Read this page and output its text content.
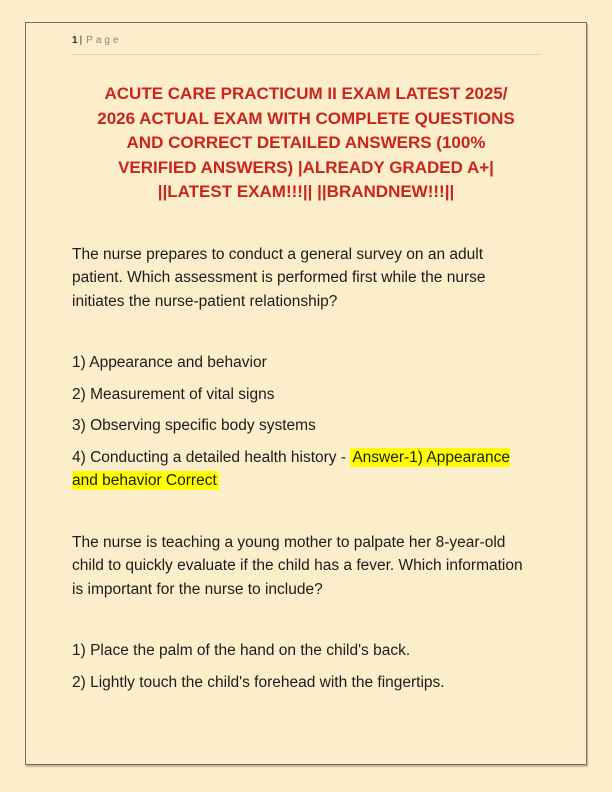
1 | Page
ACUTE CARE PRACTICUM II EXAM LATEST 2025/
2026 ACTUAL EXAM WITH COMPLETE QUESTIONS
AND CORRECT DETAILED ANSWERS (100%
VERIFIED ANSWERS) |ALREADY GRADED A+|
||LATEST EXAM!!!|| ||BRANDNEW!!!||

The nurse prepares to conduct a general survey on an adult patient. Which assessment is performed first while the nurse initiates the nurse-patient relationship?

1) Appearance and behavior
2) Measurement of vital signs
3) Observing specific body systems
4) Conducting a detailed health history - Answer-1) Appearance and behavior Correct

The nurse is teaching a young mother to palpate her 8-year-old child to quickly evaluate if the child has a fever. Which information is important for the nurse to include?

1) Place the palm of the hand on the child's back.
2) Lightly touch the child's forehead with the fingertips.
